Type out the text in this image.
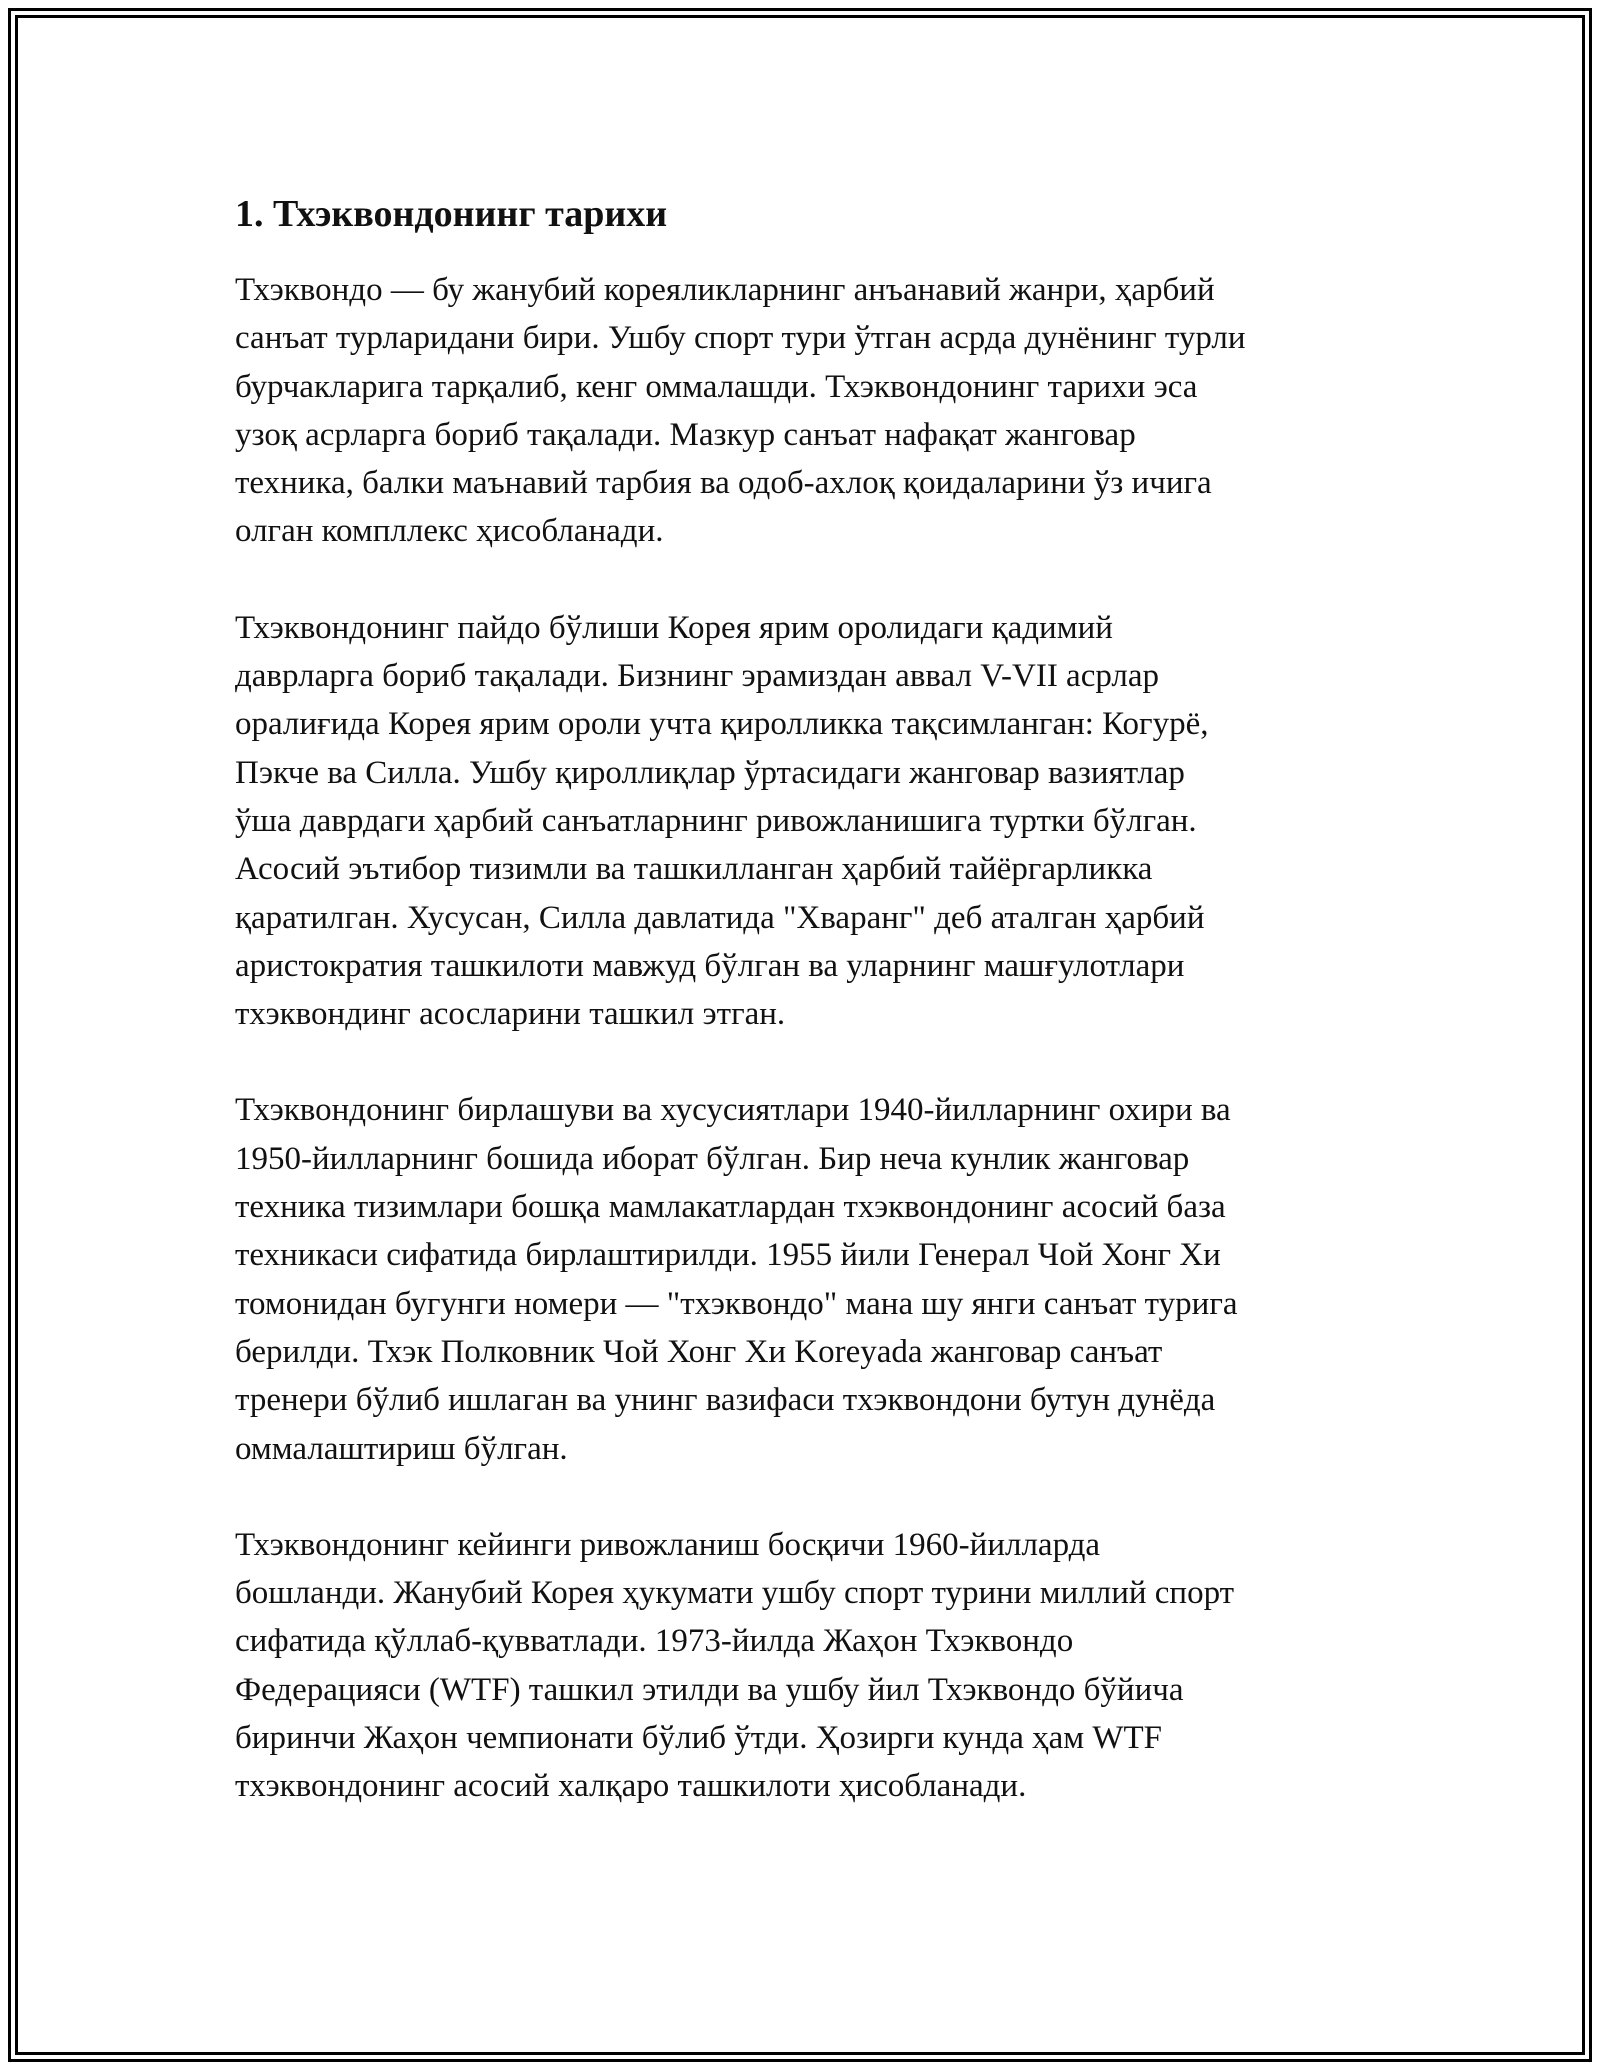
1. Тхэквондонинг тарихи

Тхэквондо — бу жанубий кореяликларнинг анъанавий жанри, ҳарбий
санъат турларидани бири. Ушбу спорт тури ўтган асрда дунёнинг турли
бурчакларига тарқалиб, кенг оммалашди. Тхэквондонинг тарихи эса
узоқ асрларга бориб тақалади. Мазкур санъат нафақат жанговар
техника, балки маънавий тарбия ва одоб-ахлоқ қоидаларини ўз ичига
олган компллекс ҳисобланади.

Тхэквондонинг пайдо бўлиши Корея ярим оролидаги қадимий
даврларга бориб тақалади. Бизнинг эрамиздан аввал V-VII асрлар
оралиғида Корея ярим ороли учта қиролликка тақсимланган: Когурё,
Пэкче ва Силла. Ушбу қироллиқлар ўртасидаги жанговар вазиятлар
ўша даврдаги ҳарбий санъатларнинг ривожланишига туртки бўлган.
Асосий эътибор тизимли ва ташкилланган ҳарбий тайёргарликка
қаратилган. Хусусан, Силла давлатида "Хваранг" деб аталган ҳарбий
аристократия ташкилоти мавжуд бўлган ва уларнинг машғулотлари
тхэквондинг асосларини ташкил этган.

Тхэквондонинг бирлашуви ва хусусиятлари 1940-йилларнинг охири ва
1950-йилларнинг бошида иборат бўлган. Бир неча кунлик жанговар
техника тизимлари бошқа мамлакатлардан тхэквондонинг асосий база
техникаси сифатида бирлаштирилди. 1955 йили Генерал Чой Хонг Хи
томонидан бугунги номери — "тхэквондо" мана шу янги санъат турига
берилди. Тхэк Полковник Чой Хонг Хи Koreyada жанговар санъат
тренери бўлиб ишлаган ва унинг вазифаси тхэквондони бутун дунёда
оммалаштириш бўлган.

Тхэквондонинг кейинги ривожланиш босқичи 1960-йилларда
бошланди. Жанубий Корея ҳукумати ушбу спорт турини миллий спорт
сифатида қўллаб-қувватлади. 1973-йилда Жаҳон Тхэквондо
Федерацияси (WTF) ташкил этилди ва ушбу йил Тхэквондо бўйича
биринчи Жаҳон чемпионати бўлиб ўтди. Ҳозирги кунда ҳам WTF
тхэквондонинг асосий халқаро ташкилоти ҳисобланади.
